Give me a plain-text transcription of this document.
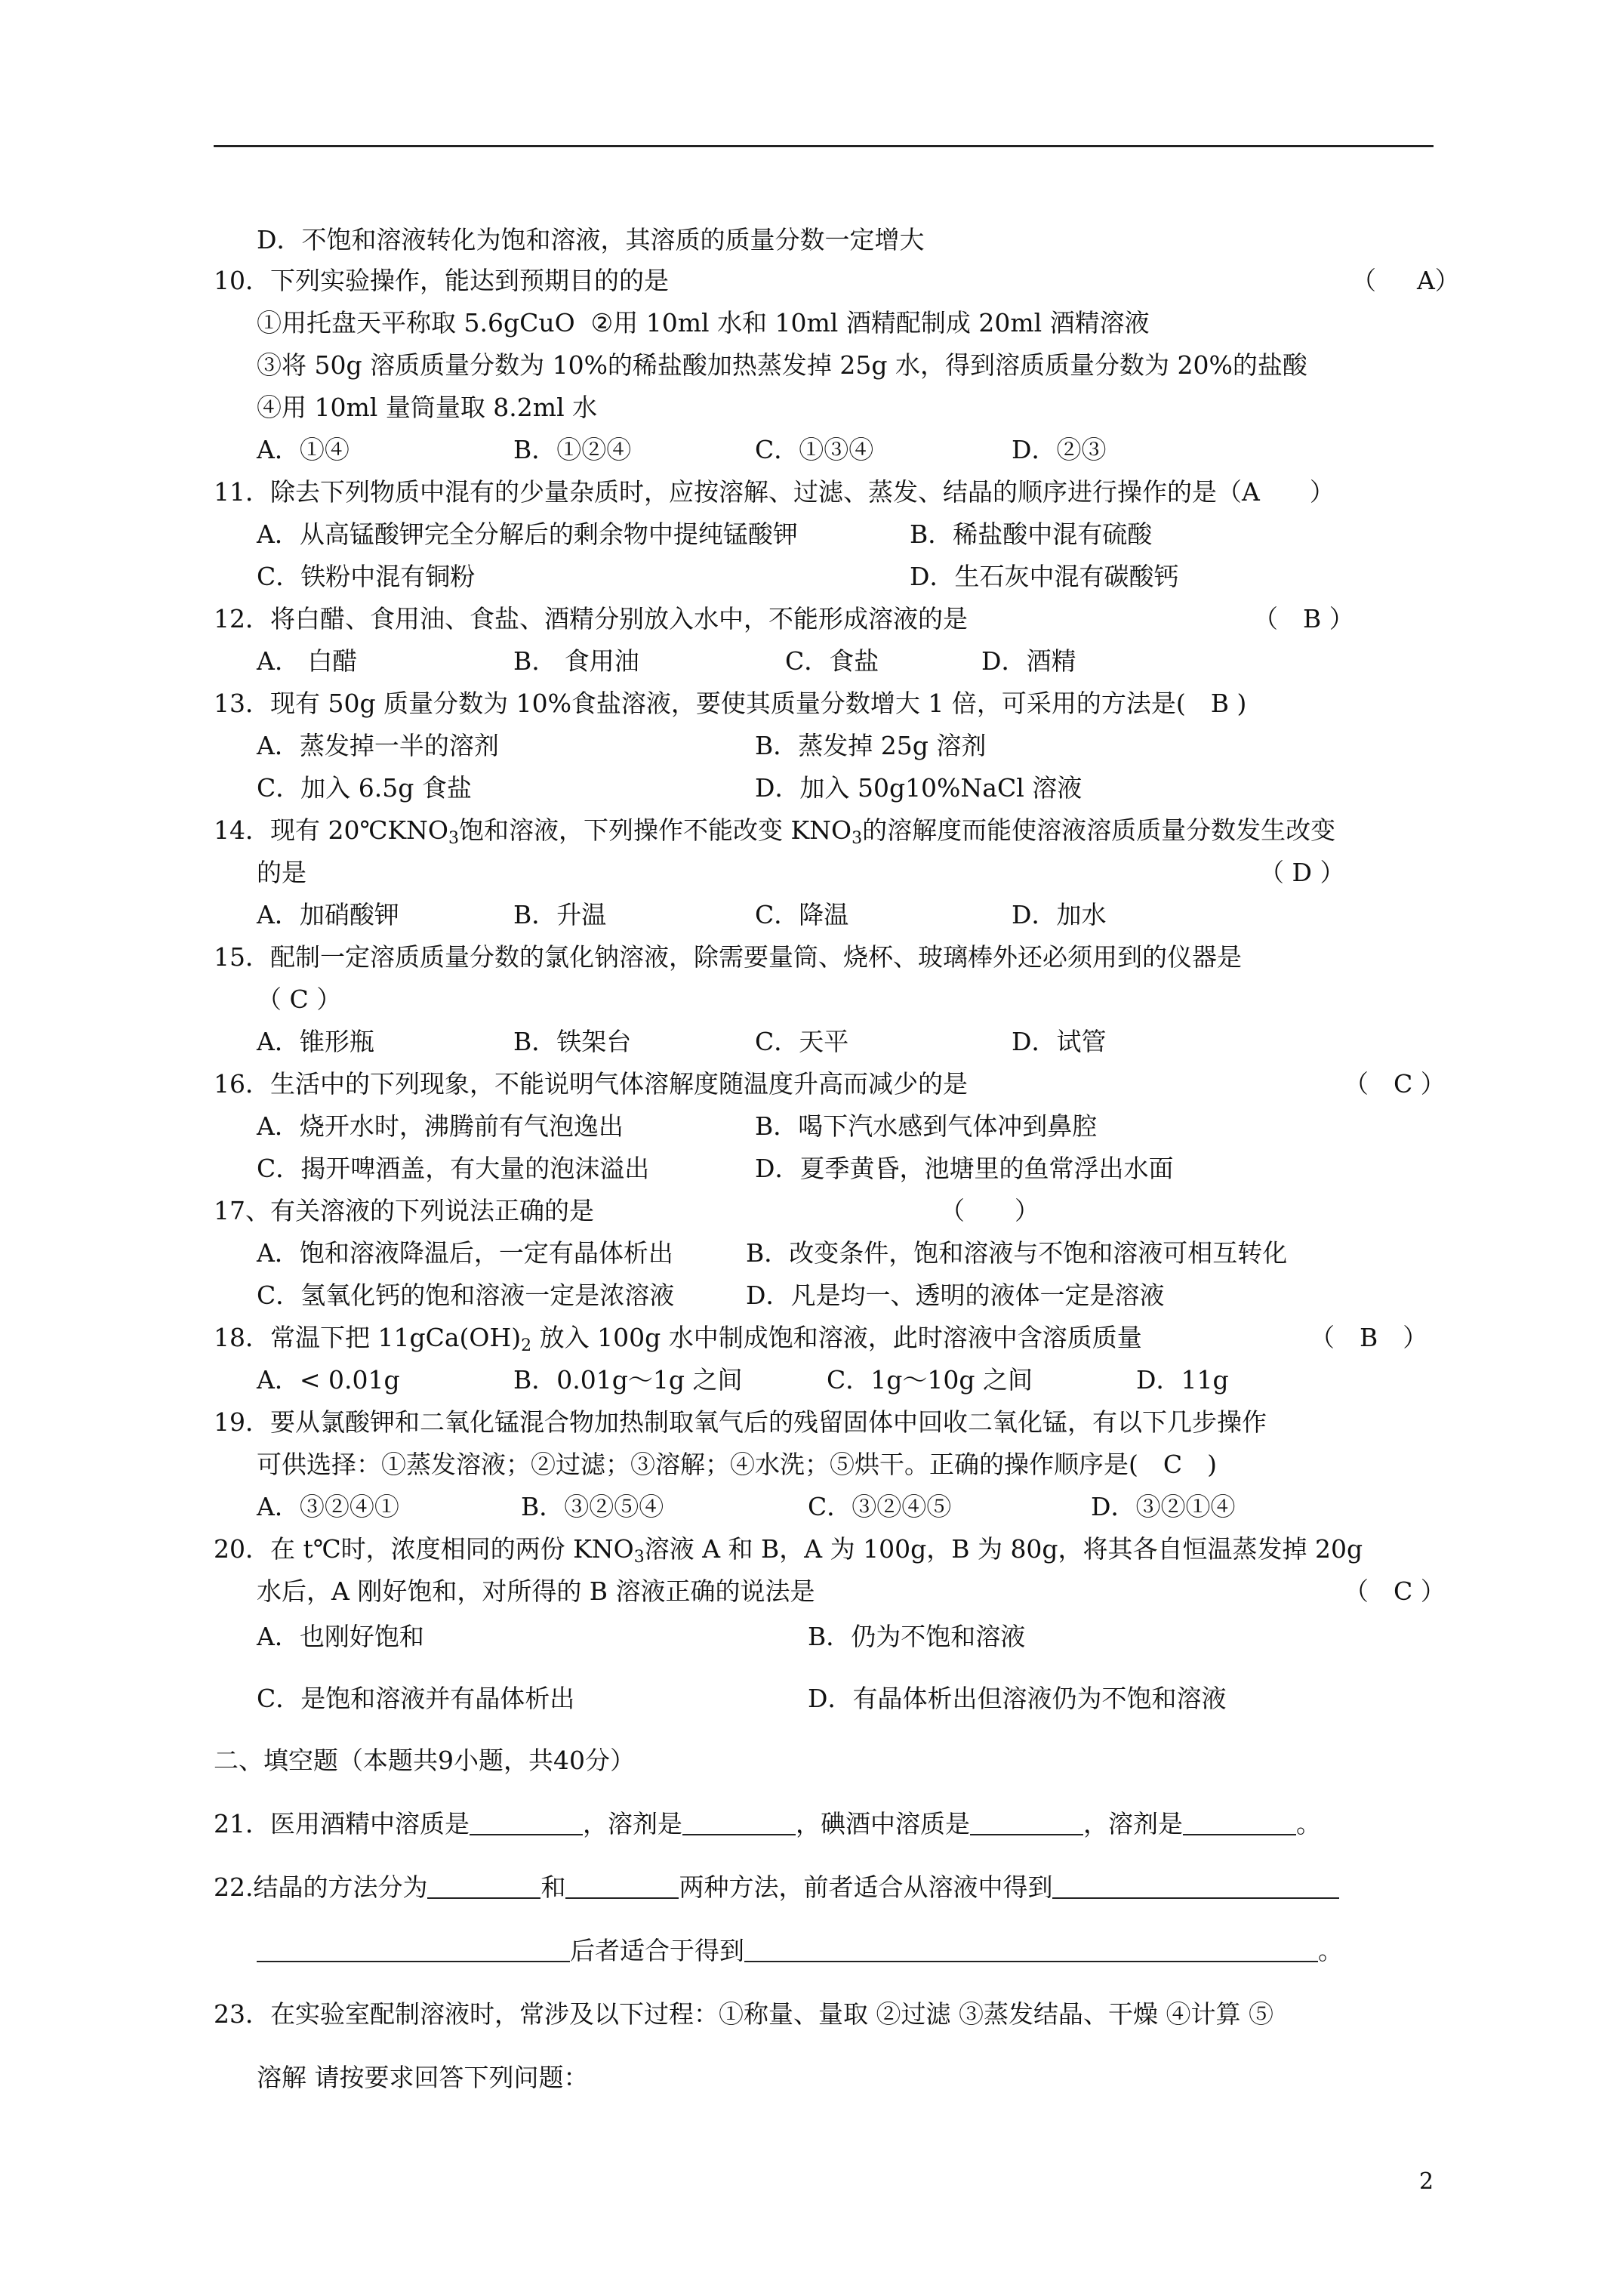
D．不饱和溶液转化为饱和溶液，其溶质的质量分数一定增大
10．下列实验操作，能达到预期目的的是	（　  A）
①用托盘天平称取 5.6gCuO  ②用 10ml 水和 10ml 酒精配制成 20ml 酒精溶液
③将 50g 溶质质量分数为 10%的稀盐酸加热蒸发掉 25g 水，得到溶质质量分数为 20%的盐酸
④用 10ml 量筒量取 8.2ml 水
A．①④	B．①②④	C．①③④	D．②③
11．除去下列物质中混有的少量杂质时，应按溶解、过滤、蒸发、结晶的顺序进行操作的是（A　　）
A．从高锰酸钾完全分解后的剩余物中提纯锰酸钾	B．稀盐酸中混有硫酸
C．铁粉中混有铜粉	D．生石灰中混有碳酸钙
12．将白醋、食用油、食盐、酒精分别放入水中，不能形成溶液的是	（　B ）
A.　白醋	B.　食用油	C．食盐	D．酒精
13．现有 50g 质量分数为 10%食盐溶液，要使其质量分数增大 1 倍，可采用的方法是(　B )
A．蒸发掉一半的溶剂	B．蒸发掉 25g 溶剂
C．加入 6.5g 食盐	D．加入 50g10%NaCl 溶液
14．现有 $20℃KNO_3$饱和溶液，下列操作不能改变 $KNO_3$的溶解度而能使溶液溶质质量分数发生改变
的是	（ D ）
A．加硝酸钾	B．升温	C．降温	D．加水
15．配制一定溶质质量分数的氯化钠溶液，除需要量筒、烧杯、玻璃棒外还必须用到的仪器是
（ C ）
A．锥形瓶	B．铁架台	C．天平	D．试管
16．生活中的下列现象，不能说明气体溶解度随温度升高而减少的是	（　C ）
A．烧开水时，沸腾前有气泡逸出	B．喝下汽水感到气体冲到鼻腔
C．揭开啤酒盖，有大量的泡沫溢出	D．夏季黄昏，池塘里的鱼常浮出水面
17、有关溶液的下列说法正确的是	（　　）
A．饱和溶液降温后，一定有晶体析出	B．改变条件，饱和溶液与不饱和溶液可相互转化
C．氢氧化钙的饱和溶液一定是浓溶液	D．凡是均一、透明的液体一定是溶液
18．常温下把 $11gCa(OH)_2$ 放入 100g 水中制成饱和溶液，此时溶液中含溶质质量	（　B　）
A．< 0.01g	B．0.01g～1g 之间	C．1g～10g 之间	D．11g
19．要从氯酸钾和二氧化锰混合物加热制取氧气后的残留固体中回收二氧化锰，有以下几步操作
可供选择：①蒸发溶液；②过滤；③溶解；④水洗；⑤烘干。正确的操作顺序是(　C　)
A．③②④①	B．③②⑤④	C．③②④⑤	D．③②①④
20．在 t℃时，浓度相同的两份 $KNO_3$溶液 A 和 B，A 为 100g，B 为 80g，将其各自恒温蒸发掉 20g
水后，A 刚好饱和，对所得的 B 溶液正确的说法是	（　C ）
A．也刚好饱和	B．仍为不饱和溶液
C．是饱和溶液并有晶体析出	D．有晶体析出但溶液仍为不饱和溶液
二、填空题（本题共9小题，共40分）
21．医用酒精中溶质是	，溶剂是	，碘酒中溶质是	，溶剂是	。
22.结晶的方法分为	和	两种方法，前者适合从溶液中得到
后者适合于得到	。
23．在实验室配制溶液时，常涉及以下过程：①称量、量取 ②过滤 ③蒸发结晶、干燥 ④计算 ⑤
溶解 请按要求回答下列问题：
2
